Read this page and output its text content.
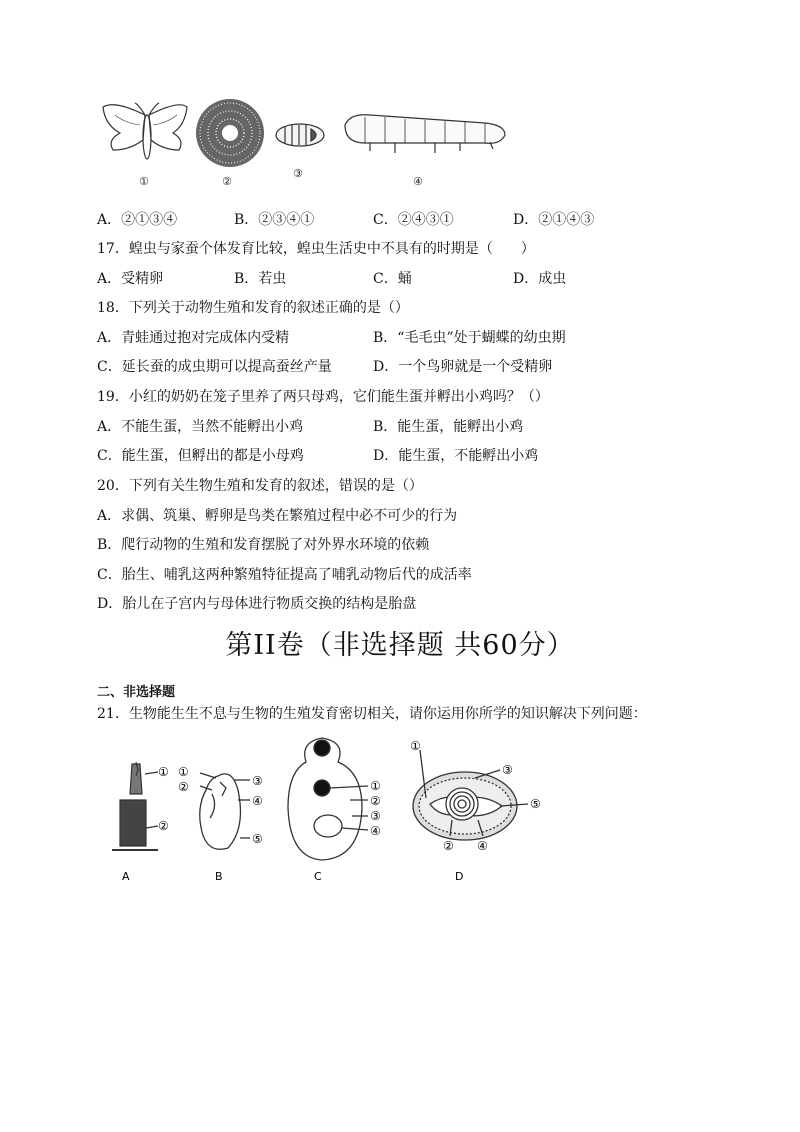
①	②
③
④
A．②①③④	B．②③④①	C．②④③①	D．②①④③
17．蝗虫与家蚕个体发育比较，蝗虫生活史中不具有的时期是（　　）
A．受精卵	B．若虫	C．蛹	D．成虫
18．下列关于动物生殖和发育的叙述正确的是（）
A．青蛙通过抱对完成体内受精	B．“毛毛虫”处于蝴蝶的幼虫期
C．延长蚕的成虫期可以提高蚕丝产量	D．一个鸟卵就是一个受精卵
19．小红的奶奶在笼子里养了两只母鸡，它们能生蛋并孵出小鸡吗？（）
A．不能生蛋，当然不能孵出小鸡	B．能生蛋，能孵出小鸡
C．能生蛋，但孵出的都是小母鸡	D．能生蛋，不能孵出小鸡
20．下列有关生物生殖和发育的叙述，错误的是（）
A．求偶、筑巢、孵卵是鸟类在繁殖过程中必不可少的行为
B．爬行动物的生殖和发育摆脱了对外界水环境的依赖
C．胎生、哺乳这两种繁殖特征提高了哺乳动物后代的成活率
D．胎儿在子宫内与母体进行物质交换的结构是胎盘
第II卷（非选择题 共60分）
二、非选择题
21．生物能生生不息与生物的生殖发育密切相关，请你运用你所学的知识解决下列问题：
①
②
A
①
②	③
④
⑤
B
①
②
③
④
C
①
③
⑤
② ④
D
